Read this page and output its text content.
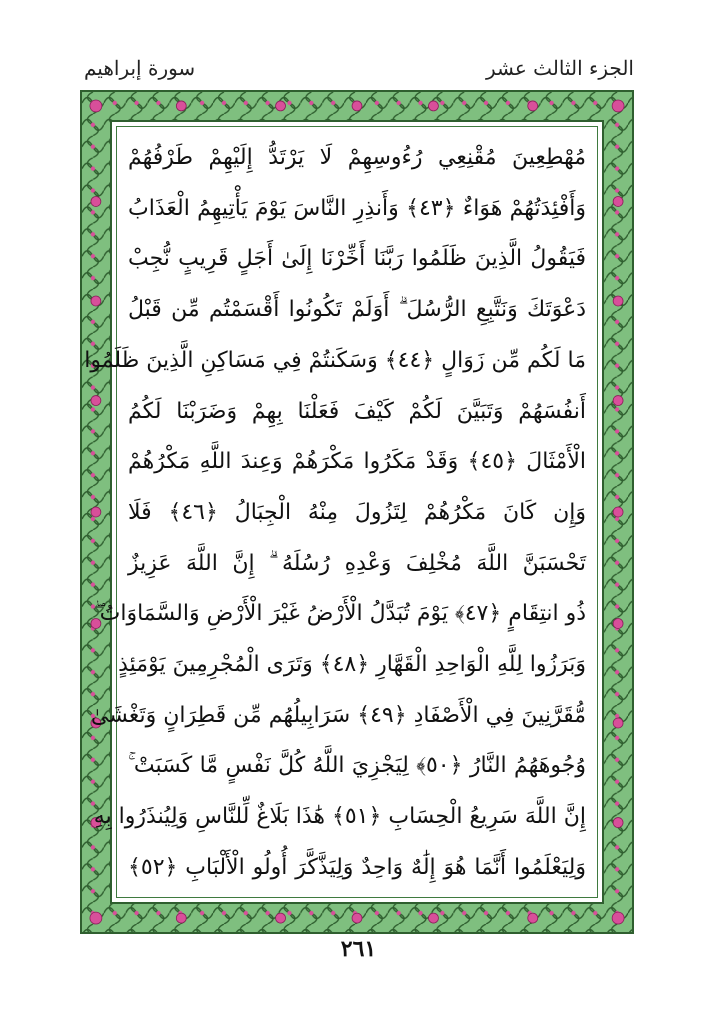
الجزء الثالث عشر
سورة إبراهيم
مُهْطِعِينَ مُقْنِعِي رُءُوسِهِمْ لَا يَرْتَدُّ إِلَيْهِمْ طَرْفُهُمْ
وَأَفْئِدَتُهُمْ هَوَاءٌ ﴿٤٣﴾ وَأَنذِرِ النَّاسَ يَوْمَ يَأْتِيهِمُ الْعَذَابُ
فَيَقُولُ الَّذِينَ ظَلَمُوا رَبَّنَا أَخِّرْنَا إِلَىٰ أَجَلٍ قَرِيبٍ نُّجِبْ
دَعْوَتَكَ وَنَتَّبِعِ الرُّسُلَ ۗ أَوَلَمْ تَكُونُوا أَقْسَمْتُم مِّن قَبْلُ
مَا لَكُم مِّن زَوَالٍ ﴿٤٤﴾ وَسَكَنتُمْ فِي مَسَاكِنِ الَّذِينَ ظَلَمُوا
أَنفُسَهُمْ وَتَبَيَّنَ لَكُمْ كَيْفَ فَعَلْنَا بِهِمْ وَضَرَبْنَا لَكُمُ
الْأَمْثَالَ ﴿٤٥﴾ وَقَدْ مَكَرُوا مَكْرَهُمْ وَعِندَ اللَّهِ مَكْرُهُمْ
وَإِن كَانَ مَكْرُهُمْ لِتَزُولَ مِنْهُ الْجِبَالُ ﴿٤٦﴾ فَلَا
تَحْسَبَنَّ اللَّهَ مُخْلِفَ وَعْدِهِ رُسُلَهُ ۗ إِنَّ اللَّهَ عَزِيزٌ
ذُو انتِقَامٍ ﴿٤٧﴾ يَوْمَ تُبَدَّلُ الْأَرْضُ غَيْرَ الْأَرْضِ وَالسَّمَاوَاتُ ۖ
وَبَرَزُوا لِلَّهِ الْوَاحِدِ الْقَهَّارِ ﴿٤٨﴾ وَتَرَى الْمُجْرِمِينَ يَوْمَئِذٍ
مُّقَرَّنِينَ فِي الْأَصْفَادِ ﴿٤٩﴾ سَرَابِيلُهُم مِّن قَطِرَانٍ وَتَغْشَىٰ
وُجُوهَهُمُ النَّارُ ﴿٥٠﴾ لِيَجْزِيَ اللَّهُ كُلَّ نَفْسٍ مَّا كَسَبَتْ ۚ
إِنَّ اللَّهَ سَرِيعُ الْحِسَابِ ﴿٥١﴾ هَٰذَا بَلَاغٌ لِّلنَّاسِ وَلِيُنذَرُوا بِهِ
وَلِيَعْلَمُوا أَنَّمَا هُوَ إِلَٰهٌ وَاحِدٌ وَلِيَذَّكَّرَ أُولُو الْأَلْبَابِ ﴿٥٢﴾
٢٦١
